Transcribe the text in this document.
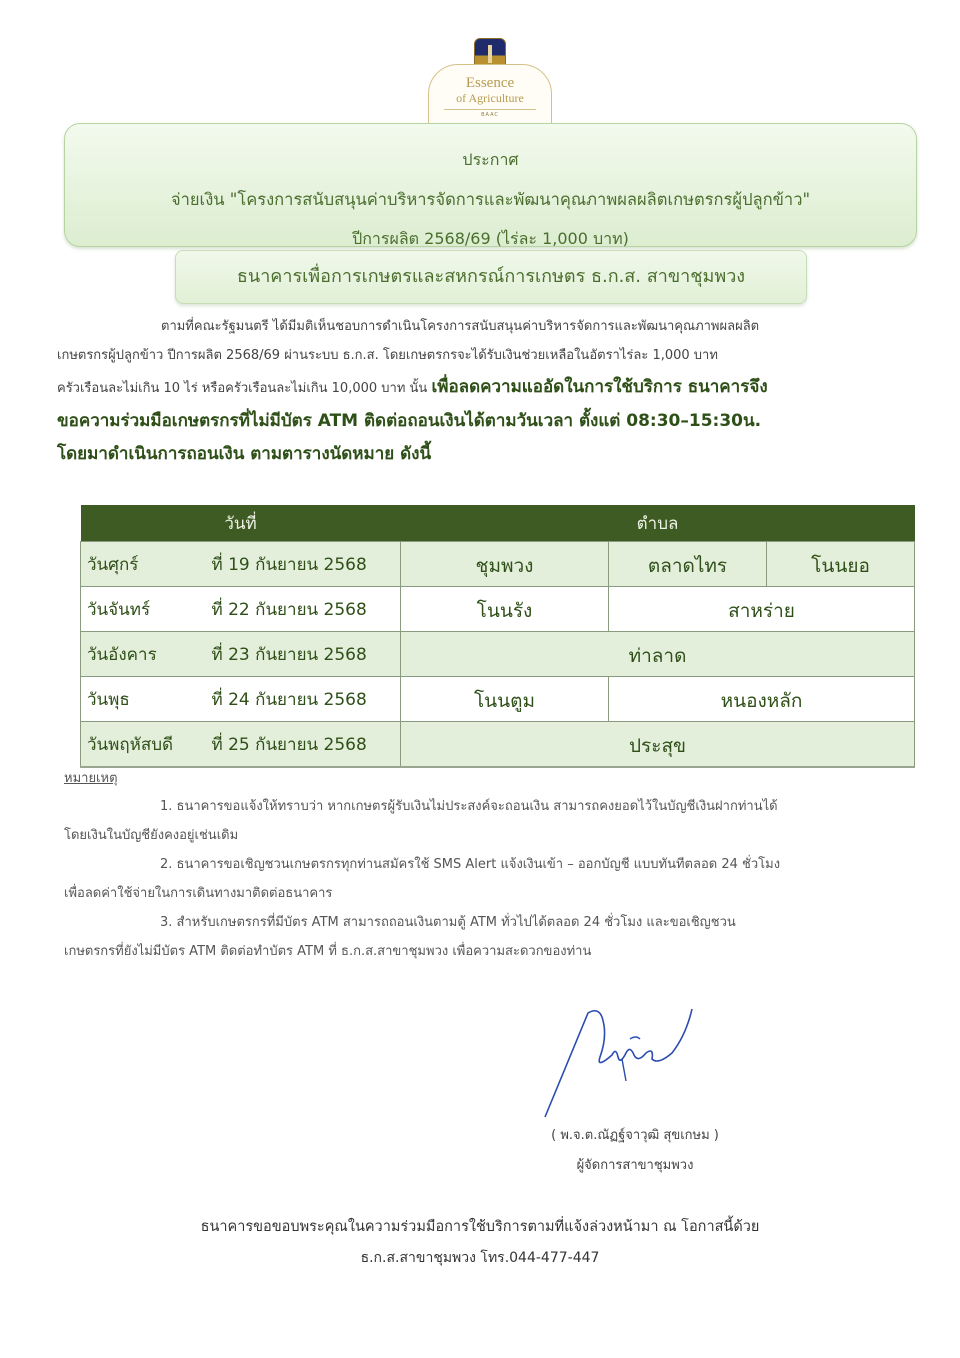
Essence
of Agriculture
BAAC
ประกาศ
จ่ายเงิน "โครงการสนับสนุนค่าบริหารจัดการและพัฒนาคุณภาพผลผลิตเกษตรกรผู้ปลูกข้าว"
ปีการผลิต 2568/69 (ไร่ละ 1,000 บาท)
ธนาคารเพื่อการเกษตรและสหกรณ์การเกษตร ธ.ก.ส. สาขาชุมพวง
ตามที่คณะรัฐมนตรี ได้มีมติเห็นชอบการดำเนินโครงการสนับสนุนค่าบริหารจัดการและพัฒนาคุณภาพผลผลิต
เกษตรกรผู้ปลูกข้าว ปีการผลิต 2568/69 ผ่านระบบ ธ.ก.ส. โดยเกษตรกรจะได้รับเงินช่วยเหลือในอัตราไร่ละ 1,000 บาท
ครัวเรือนละไม่เกิน 10 ไร่ หรือครัวเรือนละไม่เกิน 10,000 บาท นั้น เพื่อลดความแออัดในการใช้บริการ ธนาคารจึง
ขอความร่วมมือเกษตรกรที่ไม่มีบัตร ATM ติดต่อถอนเงินได้ตามวันเวลา ตั้งแต่ 08:30–15:30น.
โดยมาดำเนินการถอนเงิน ตามตารางนัดหมาย ดังนี้
วันที่		ตำบล		
วันศุกร์	ที่ 19 กันยายน 2568	ชุมพวง	ตลาดไทร	โนนยอ
วันจันทร์	ที่ 22 กันยายน 2568	โนนรัง	สาหร่าย	
วันอังคาร	ที่ 23 กันยายน 2568	ท่าลาด		
วันพุธ	ที่ 24 กันยายน 2568	โนนตูม	หนองหลัก	
วันพฤหัสบดี	ที่ 25 กันยายน 2568	ประสุข		
หมายเหตุ
1. ธนาคารขอแจ้งให้ทราบว่า หากเกษตรผู้รับเงินไม่ประสงค์จะถอนเงิน สามารถคงยอดไว้ในบัญชีเงินฝากท่านได้
โดยเงินในบัญชียังคงอยู่เช่นเดิม
2. ธนาคารขอเชิญชวนเกษตรกรทุกท่านสมัครใช้ SMS Alert แจ้งเงินเข้า – ออกบัญชี แบบทันทีตลอด 24 ชั่วโมง
เพื่อลดค่าใช้จ่ายในการเดินทางมาติดต่อธนาคาร
3. สำหรับเกษตรกรที่มีบัตร ATM สามารถถอนเงินตามตู้ ATM ทั่วไปได้ตลอด 24 ชั่วโมง และขอเชิญชวน
เกษตรกรที่ยังไม่มีบัตร ATM ติดต่อทำบัตร ATM ที่ ธ.ก.ส.สาขาชุมพวง เพื่อความสะดวกของท่าน
( พ.จ.ต.ณัฏฐ์จาวุฒิ สุขเกษม )
ผู้จัดการสาขาชุมพวง
ธนาคารขอขอบพระคุณในความร่วมมือการใช้บริการตามที่แจ้งล่วงหน้ามา ณ โอกาสนี้ด้วย
ธ.ก.ส.สาขาชุมพวง โทร.044-477-447
